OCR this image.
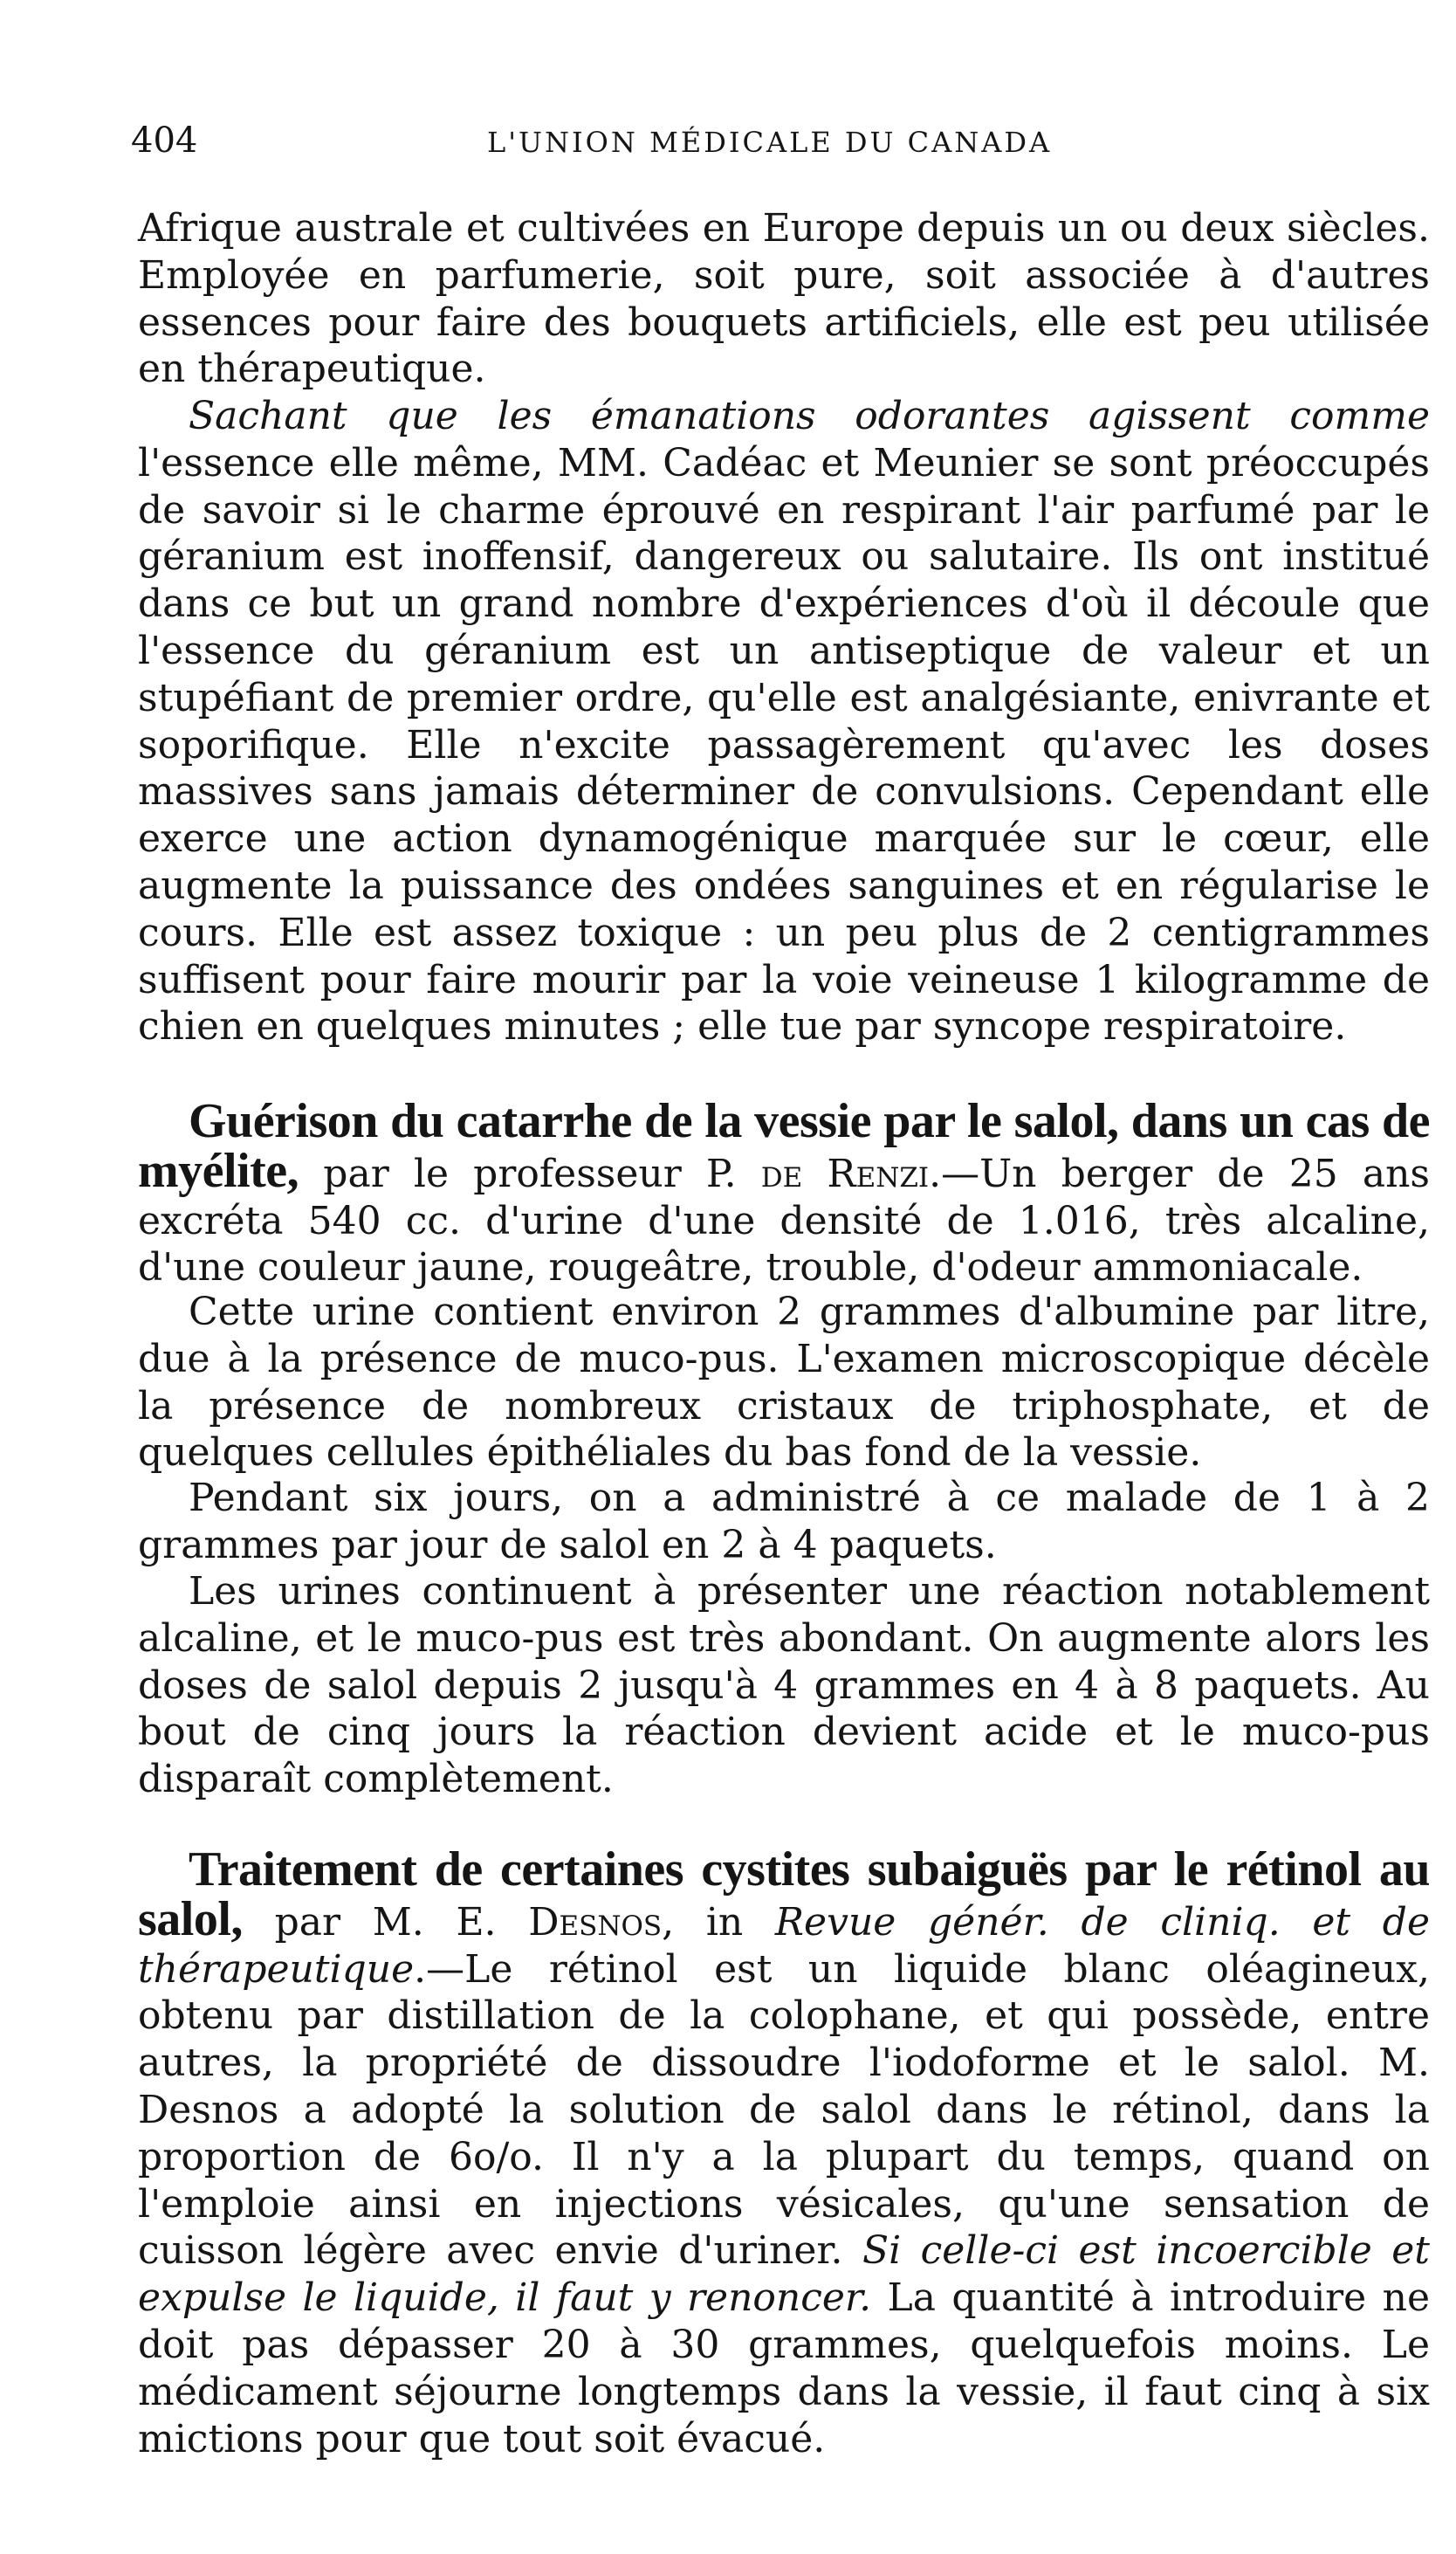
404	L'UNION MÉDICALE DU CANADA

Afrique australe et cultivées en Europe depuis un ou deux siècles. Employée en parfumerie, soit pure, soit associée à d'autres essences pour faire des bouquets artificiels, elle est peu utilisée en thérapeutique.

Sachant que les émanations odorantes agissent comme l'essence elle même, MM. Cadéac et Meunier se sont préoccupés de savoir si le charme éprouvé en respirant l'air parfumé par le géranium est inoffensif, dangereux ou salutaire. Ils ont institué dans ce but un grand nombre d'expériences d'où il découle que l'essence du géranium est un antiseptique de valeur et un stupéfiant de premier ordre, qu'elle est analgésiante, enivrante et soporifique. Elle n'excite passagèrement qu'avec les doses massives sans jamais déterminer de convulsions. Cependant elle exerce une action dynamogénique marquée sur le cœur, elle augmente la puissance des ondées sanguines et en régularise le cours. Elle est assez toxique : un peu plus de 2 centigrammes suffisent pour faire mourir par la voie veineuse 1 kilogramme de chien en quelques minutes ; elle tue par syncope respiratoire.

Guérison du catarrhe de la vessie par le salol, dans un cas de myélite, par le professeur P. de Renzi.—Un berger de 25 ans excréta 540 cc. d'urine d'une densité de 1.016, très alcaline, d'une couleur jaune, rougeâtre, trouble, d'odeur ammoniacale.

Cette urine contient environ 2 grammes d'albumine par litre, due à la présence de muco-pus. L'examen microscopique décèle la présence de nombreux cristaux de triphosphate, et de quelques cellules épithéliales du bas fond de la vessie.

Pendant six jours, on a administré à ce malade de 1 à 2 grammes par jour de salol en 2 à 4 paquets.

Les urines continuent à présenter une réaction notablement alcaline, et le muco-pus est très abondant. On augmente alors les doses de salol depuis 2 jusqu'à 4 grammes en 4 à 8 paquets. Au bout de cinq jours la réaction devient acide et le muco-pus disparaît complètement.

Traitement de certaines cystites subaiguës par le rétinol au salol, par M. E. Desnos, in Revue génér. de cliniq. et de thérapeutique.—Le rétinol est un liquide blanc oléagineux, obtenu par distillation de la colophane, et qui possède, entre autres, la propriété de dissoudre l'iodoforme et le salol. M. Desnos a adopté la solution de salol dans le rétinol, dans la proportion de 6o/o. Il n'y a la plupart du temps, quand on l'emploie ainsi en injections vésicales, qu'une sensation de cuisson légère avec envie d'uriner. Si celle-ci est incoercible et expulse le liquide, il faut y renoncer. La quantité à introduire ne doit pas dépasser 20 à 30 grammes, quelquefois moins. Le médicament séjourne longtemps dans la vessie, il faut cinq à six mictions pour que tout soit évacué.
